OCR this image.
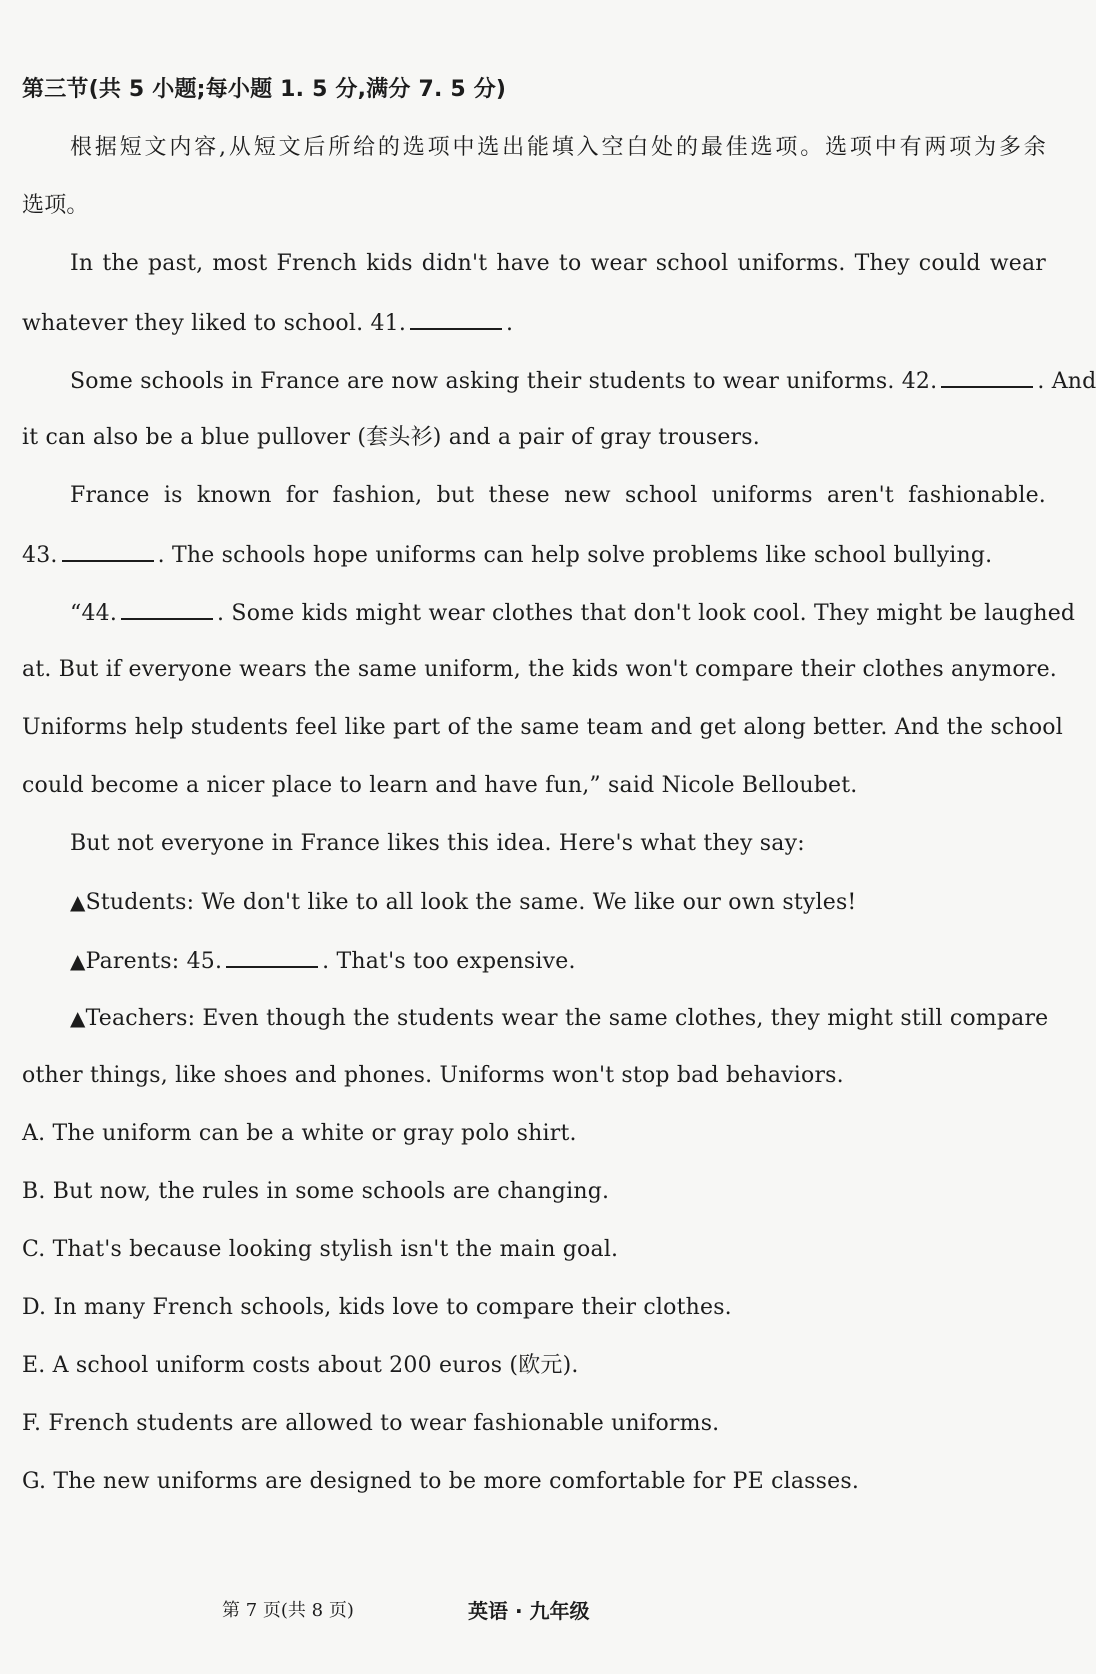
第三节(共 5 小题;每小题 1. 5 分,满分 7. 5 分)
根据短文内容,从短文后所给的选项中选出能填入空白处的最佳选项。选项中有两项为多余
选项。
In the past, most French kids didn't have to wear school uniforms. They could wear
whatever they liked to school. 41.	.
Some schools in France are now asking their students to wear uniforms. 42.	. And
it can also be a blue pullover (套头衫) and a pair of gray trousers.
France is known for fashion, but these new school uniforms aren't fashionable.
43.	. The schools hope uniforms can help solve problems like school bullying.
“44.	. Some kids might wear clothes that don't look cool. They might be laughed
at. But if everyone wears the same uniform, the kids won't compare their clothes anymore.
Uniforms help students feel like part of the same team and get along better. And the school
could become a nicer place to learn and have fun,” said Nicole Belloubet.
But not everyone in France likes this idea. Here's what they say:
▲Students: We don't like to all look the same. We like our own styles!
▲Parents: 45.	. That's too expensive.
▲Teachers: Even though the students wear the same clothes, they might still compare
other things, like shoes and phones. Uniforms won't stop bad behaviors.
A. The uniform can be a white or gray polo shirt.
B. But now, the rules in some schools are changing.
C. That's because looking stylish isn't the main goal.
D. In many French schools, kids love to compare their clothes.
E. A school uniform costs about 200 euros (欧元).
F. French students are allowed to wear fashionable uniforms.
G. The new uniforms are designed to be more comfortable for PE classes.
第 7 页(共 8 页)	英语 · 九年级
